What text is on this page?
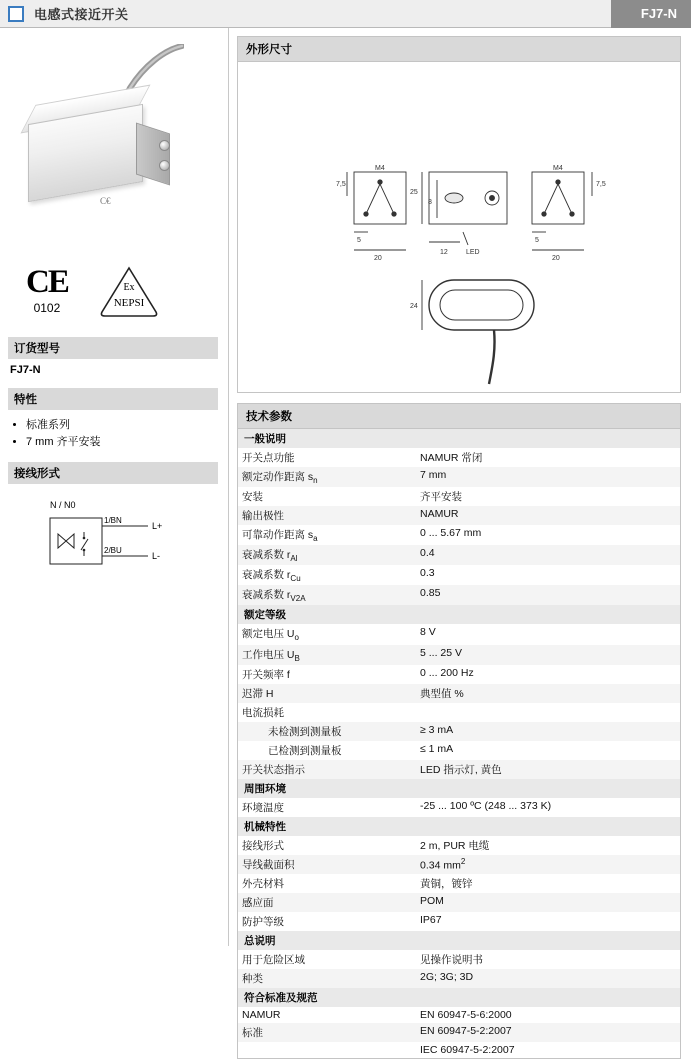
电感式接近开关	FJ7-N
C€
CE
0102
Ex
NEPSI
订货型号
FJ7-N
特性
• 标准系列
• 7 mm 齐平安装
接线形式
N / N0
1/BN
2/BU
L+
L-
外形尺寸
M4
7,5
5
20
25
8
12	LED
M4
7,5
5
20
24
技术参数
一般说明	
开关点功能	NAMUR 常闭
额定动作距离 $s_n$	7 mm
安装	齐平安装
输出极性	NAMUR
可靠动作距离 $s_a$	0 ... 5.67 mm
衰减系数 $r_{Al}$	0.4
衰减系数 $r_{Cu}$	0.3
衰减系数 $r_{V2A}$	0.85
额定等级	
额定电压 $U_o$	8 V
工作电压 $U_B$	5 ... 25 V
开关频率 f	0 ... 200 Hz
迟滞 H	典型值 %
电流损耗	
未检测到测量板	≥ 3 mA
已检测到测量板	≤ 1 mA
开关状态指示	LED 指示灯, 黄色
周围环境	
环境温度	-25 ... 100 ºC (248 ... 373 K)
机械特性	
接线形式	2 m, PUR 电缆
导线截面积	0.34 $mm^2$
外壳材料	黄铜，镀锌
感应面	POM
防护等级	IP67
总说明	
用于危险区域	见操作说明书
种类	2G; 3G; 3D
符合标准及规范	
NAMUR	EN 60947-5-6:2000
标准	EN 60947-5-2:2007
	IEC 60947-5-2:2007
